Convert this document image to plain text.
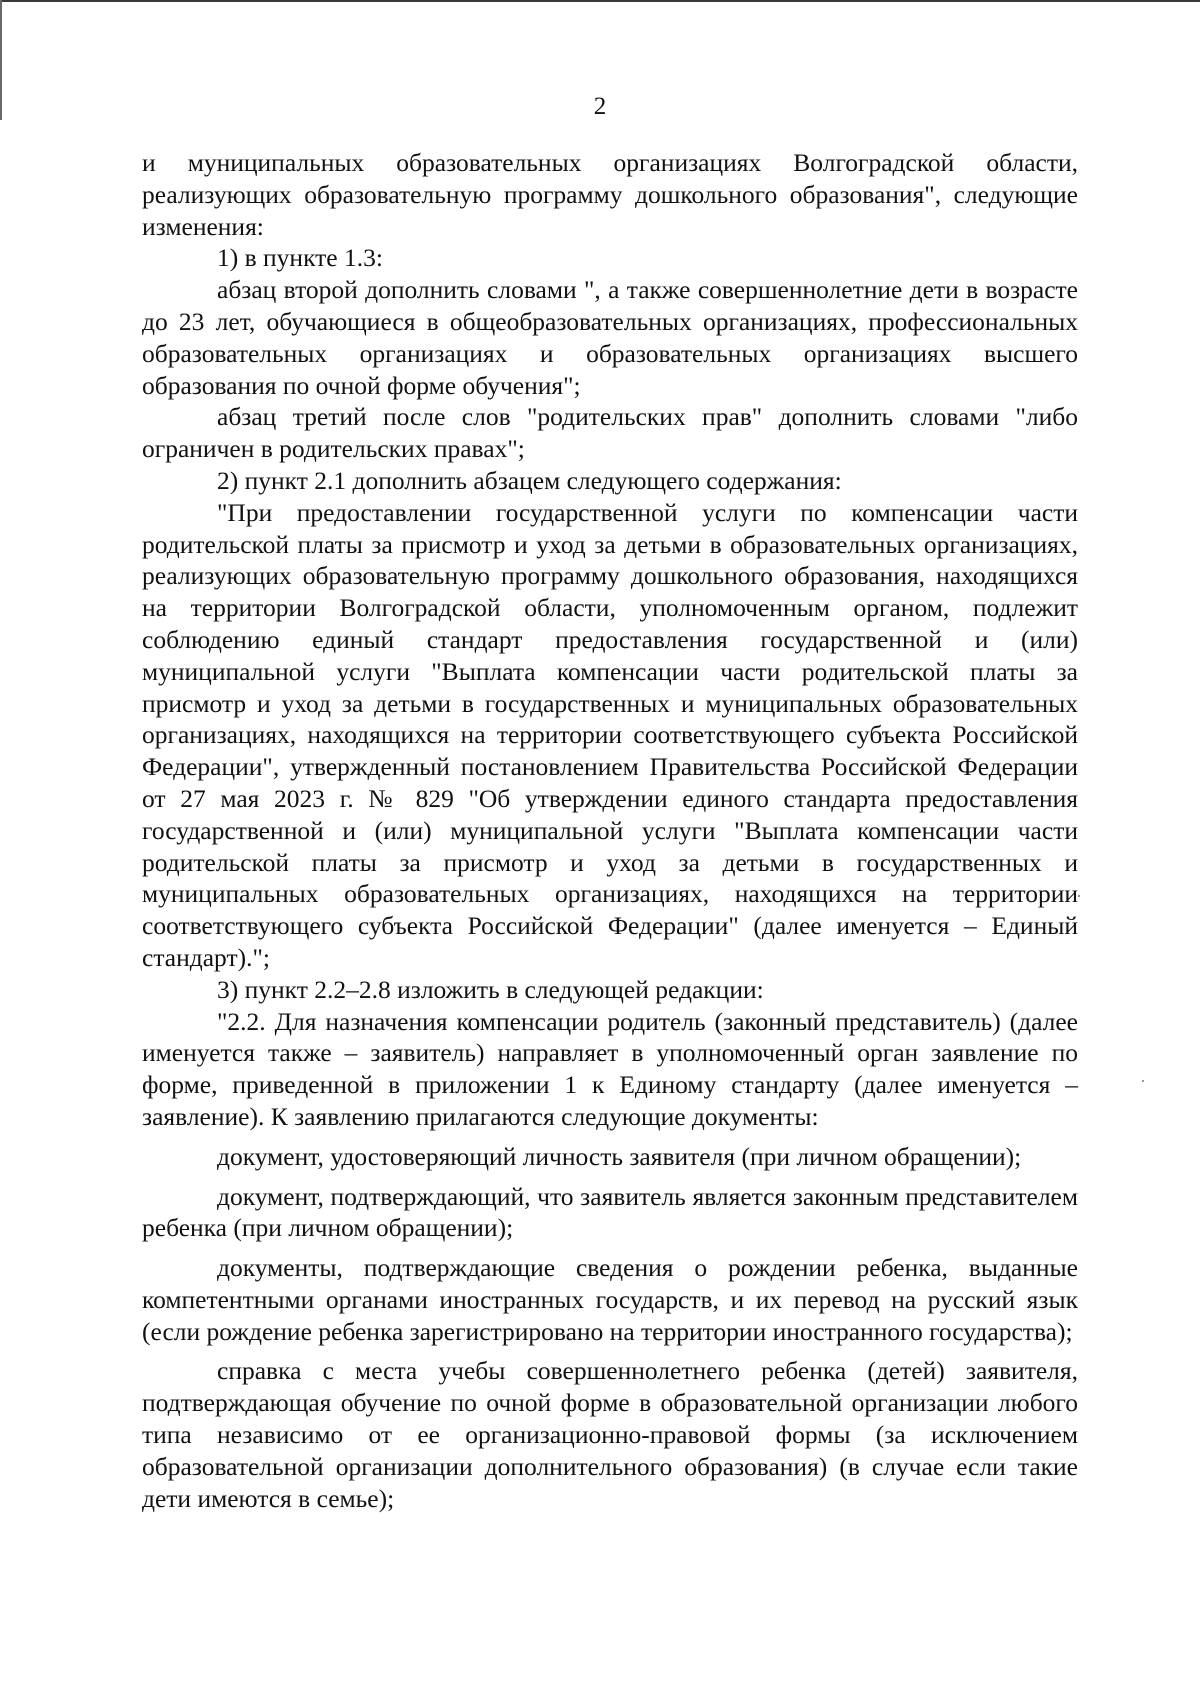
2

и муниципальных образовательных организациях Волгоградской области, реализующих образовательную программу дошкольного образования", следующие изменения:

1) в пункте 1.3:

абзац второй дополнить словами ", а также совершеннолетние дети в возрасте до 23 лет, обучающиеся в общеобразовательных организациях, профессиональных образовательных организациях и образовательных организациях высшего образования по очной форме обучения";

абзац третий после слов "родительских прав" дополнить словами "либо ограничен в родительских правах";

2) пункт 2.1 дополнить абзацем следующего содержания:

"При предоставлении государственной услуги по компенсации части родительской платы за присмотр и уход за детьми в образовательных организациях, реализующих образовательную программу дошкольного образования, находящихся на территории Волгоградской области, уполномоченным органом, подлежит соблюдению единый стандарт предоставления государственной и (или) муниципальной услуги "Выплата компенсации части родительской платы за присмотр и уход за детьми в государственных и муниципальных образовательных организациях, находящихся на территории соответствующего субъекта Российской Федерации", утвержденный постановлением Правительства Российской Федерации от 27 мая 2023 г. № 829 "Об утверждении единого стандарта предоставления государственной и (или) муниципальной услуги "Выплата компенсации части родительской платы за присмотр и уход за детьми в государственных и муниципальных образовательных организациях, находящихся на территории соответствующего субъекта Российской Федерации" (далее именуется – Единый стандарт).";

3) пункт 2.2–2.8 изложить в следующей редакции:

"2.2. Для назначения компенсации родитель (законный представитель) (далее именуется также – заявитель) направляет в уполномоченный орган заявление по форме, приведенной в приложении 1 к Единому стандарту (далее именуется – заявление). К заявлению прилагаются следующие документы:

документ, удостоверяющий личность заявителя (при личном обращении);

документ, подтверждающий, что заявитель является законным представителем ребенка (при личном обращении);

документы, подтверждающие сведения о рождении ребенка, выданные компетентными органами иностранных государств, и их перевод на русский язык (если рождение ребенка зарегистрировано на территории иностранного государства);

справка с места учебы совершеннолетнего ребенка (детей) заявителя, подтверждающая обучение по очной форме в образовательной организации любого типа независимо от ее организационно-правовой формы (за исключением образовательной организации дополнительного образования) (в случае если такие дети имеются в семье);
